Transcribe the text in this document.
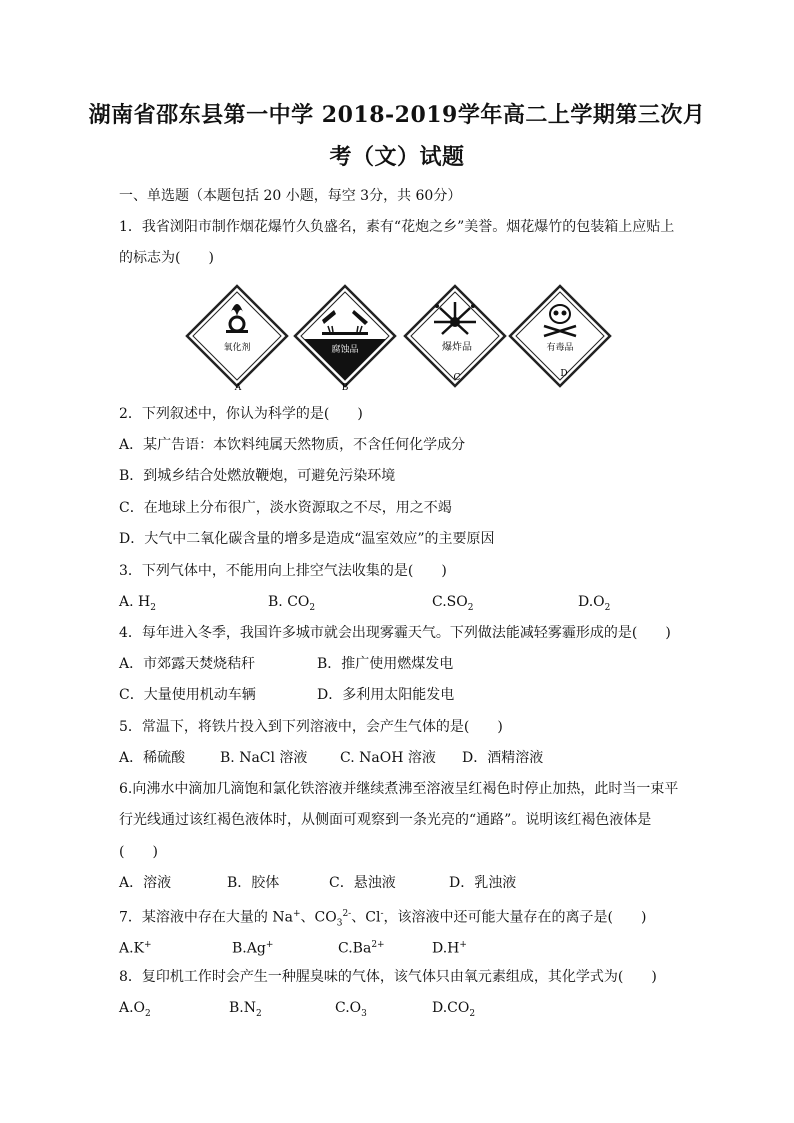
湖南省邵东县第一中学 2018-2019学年高二上学期第三次月
考（文）试题
一、单选题（本题包括 20 小题，每空 3分，共 60分）
1．我省浏阳市制作烟花爆竹久负盛名，素有“花炮之乡”美誉。烟花爆竹的包装箱上应贴上
的标志为(　　)
氧化剂
A
腐蚀品
B
爆炸品
C
有毒品
D
2．下列叙述中，你认为科学的是(　　)
A．某广告语：本饮料纯属天然物质，不含任何化学成分
B．到城乡结合处燃放鞭炮，可避免污染环境
C．在地球上分布很广，淡水资源取之不尽，用之不竭
D．大气中二氧化碳含量的增多是造成“温室效应”的主要原因
3．下列气体中，不能用向上排空气法收集的是(　　)
A. $H_2$	B. $CO_2$	$C.SO_2$	$D.O_2$
4．每年进入冬季，我国许多城市就会出现雾霾天气。下列做法能减轻雾霾形成的是(　　)
A．市郊露天焚烧秸秆	B．推广使用燃煤发电
C．大量使用机动车辆	D．多利用太阳能发电
5．常温下，将铁片投入到下列溶液中，会产生气体的是(　　)
A．稀硫酸 B. NaCl 溶液 C. NaOH 溶液 D．酒精溶液
6.向沸水中滴加几滴饱和氯化铁溶液并继续煮沸至溶液呈红褐色时停止加热，此时当一束平
行光线通过该红褐色液体时，从侧面可观察到一条光亮的“通路”。说明该红褐色液体是
(　　)
A．溶液	B．胶体	C．悬浊液	D．乳浊液
7．某溶液中存在大量的 Na+、$CO_3^{2-}$、Cl-，该溶液中还可能大量存在的离子是(　　)
A.K+	B.Ag+	$C.Ba^{2+}$	D.H+
8．复印机工作时会产生一种腥臭味的气体，该气体只由氧元素组成，其化学式为(　　)
$A.O_2$	$B.N_2$	$C.O_3$	$D.CO_2$
